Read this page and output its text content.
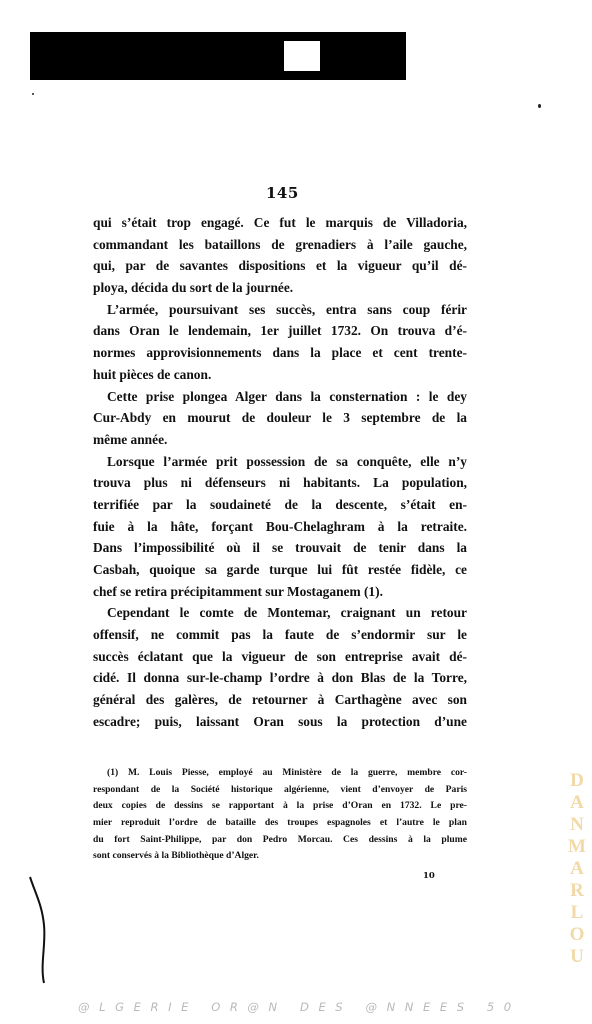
145
qui s’était trop engagé. Ce fut le marquis de Villadoria,
commandant les bataillons de grenadiers à l’aile gauche,
qui, par de savantes dispositions et la vigueur qu’il dé-
ploya, décida du sort de la journée.
L’armée, poursuivant ses succès, entra sans coup férir
dans Oran le lendemain, 1er juillet 1732. On trouva d’é-
normes approvisionnements dans la place et cent trente-
huit pièces de canon.
Cette prise plongea Alger dans la consternation : le dey
Cur-Abdy en mourut de douleur le 3 septembre de la
même année.
Lorsque l’armée prit possession de sa conquête, elle n’y
trouva plus ni défenseurs ni habitants. La population,
terrifiée par la soudaineté de la descente, s’était en-
fuie à la hâte, forçant Bou-Chelaghram à la retraite.
Dans l’impossibilité où il se trouvait de tenir dans la
Casbah, quoique sa garde turque lui fût restée fidèle, ce
chef se retira précipitamment sur Mostaganem (1).
Cependant le comte de Montemar, craignant un retour
offensif, ne commit pas la faute de s’endormir sur le
succès éclatant que la vigueur de son entreprise avait dé-
cidé. Il donna sur-le-champ l’ordre à don Blas de la Torre,
général des galères, de retourner à Carthagène avec son
escadre; puis, laissant Oran sous la protection d’une
(1) M. Louis Piesse, employé au Ministère de la guerre, membre cor-
respondant de la Société historique algérienne, vient d’envoyer de Paris
deux copies de dessins se rapportant à la prise d’Oran en 1732. Le pre-
mier reproduit l’ordre de bataille des troupes espagnoles et l’autre le plan
du fort Saint-Philippe, par don Pedro Morcau. Ces dessins à la plume
sont conservés à la Bibliothèque d’Alger.
10
D
A
N
M
A
R
L
O
U
@LGERIE OR@N DES @NNEES 50
